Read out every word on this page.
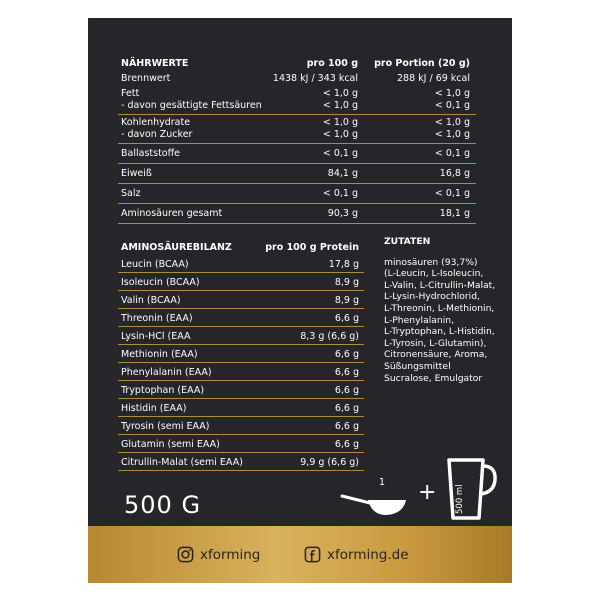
NÄHRWERTE	pro 100 g pro Portion (20 g)
Brennwert	1438 kJ / 343 kcal	288 kJ / 69 kcal
Fett	< 1,0 g	< 1,0 g
- davon gesättigte Fettsäuren	< 1,0 g	< 0,1 g
Kohlenhydrate	< 1,0 g	< 1,0 g
- davon Zucker	< 1,0 g	< 1,0 g
Ballaststoffe	< 0,1 g	< 0,1 g
Eiweiß	84,1 g	16,8 g
Salz	< 0,1 g	< 0,1 g
Aminosäuren gesamt	90,3 g	18,1 g
AMINOSÄUREBILANZ	pro 100 g Protein
Leucin (BCAA)	17,8 g
Isoleucin (BCAA)	8,9 g
Valin (BCAA)	8,9 g
Threonin (EAA)	6,6 g
Lysin-HCl (EAA	8,3 g (6,6 g)
Methionin (EAA)	6,6 g
Phenylalanin (EAA)	6,6 g
Tryptophan (EAA)	6,6 g
Histidin (EAA)	6,6 g
Tyrosin (semi EAA)	6,6 g
Glutamin (semi EAA)	6,6 g
Citrullin-Malat (semi EAA)	9,9 g (6,6 g)
ZUTATEN
minosäuren (93,7%)
(L-Leucin, L-Isoleucin,
L-Valin, L-Citrullin-Malat,
L-Lysin-Hydrochlorid,
L-Threonin, L-Methionin,
L-Phenylalanin,
L-Tryptophan, L-Histidin,
L-Tyrosin, L-Glutamin),
Citronensäure, Aroma,
Süßungsmittel
Sucralose, Emulgator
500 G
1 + 500 ml
xforming	xforming.de
